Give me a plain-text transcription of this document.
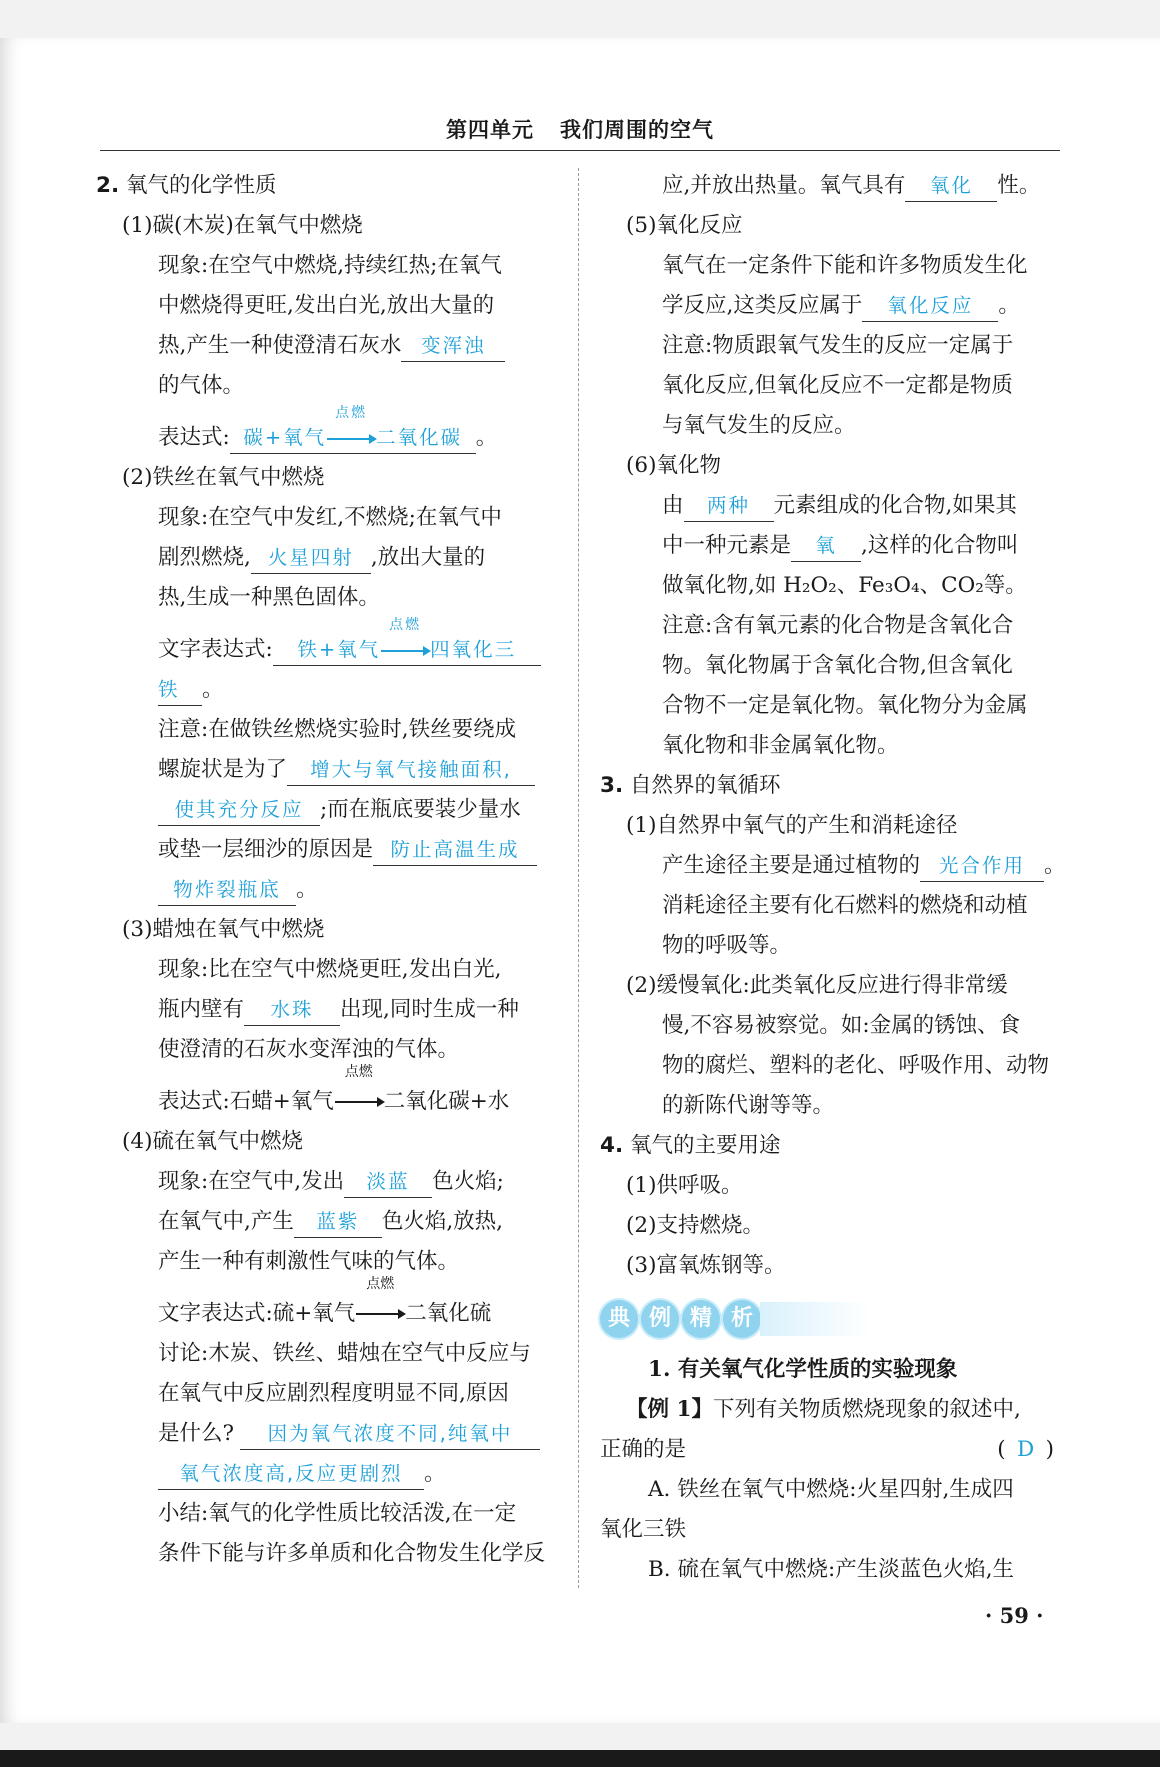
第四单元 我们周围的空气
2. 氧气的化学性质
(1)碳(木炭)在氧气中燃烧
现象:在空气中燃烧,持续红热;在氧气
中燃烧得更旺,发出白光,放出大量的
热,产生一种使澄清石灰水 变浑浊
的气体。
表达式: 碳+氧气
点燃
二氧化碳 。
(2)铁丝在氧气中燃烧
现象:在空气中发红,不燃烧;在氧气中
剧烈燃烧, 火星四射 ,放出大量的
热,生成一种黑色固体。
文字表达式: 铁+氧气
点燃
四氧化三
铁 。
注意:在做铁丝燃烧实验时,铁丝要绕成
螺旋状是为了 增大与氧气接触面积,
使其充分反应 ;而在瓶底要装少量水
或垫一层细沙的原因是 防止高温生成
物炸裂瓶底 。
(3)蜡烛在氧气中燃烧
现象:比在空气中燃烧更旺,发出白光,
瓶内壁有 水珠 出现,同时生成一种
使澄清的石灰水变浑浊的气体。
表达式:石蜡+氧气
点燃
二氧化碳+水
(4)硫在氧气中燃烧
现象:在空气中,发出 淡蓝 色火焰;
在氧气中,产生 蓝紫 色火焰,放热,
产生一种有刺激性气味的气体。
文字表达式:硫+氧气
点燃
二氧化硫
讨论:木炭、铁丝、蜡烛在空气中反应与
在氧气中反应剧烈程度明显不同,原因
是什么? 因为氧气浓度不同,纯氧中
氧气浓度高,反应更剧烈 。
小结:氧气的化学性质比较活泼,在一定
条件下能与许多单质和化合物发生化学反
应,并放出热量。氧气具有 氧化 性。
(5)氧化反应
氧气在一定条件下能和许多物质发生化
学反应,这类反应属于 氧化反应 。
注意:物质跟氧气发生的反应一定属于
氧化反应,但氧化反应不一定都是物质
与氧气发生的反应。
(6)氧化物
由 两种 元素组成的化合物,如果其
中一种元素是 氧 ,这样的化合物叫
做氧化物,如 H₂O₂、Fe₃O₄、CO₂等。
注意:含有氧元素的化合物是含氧化合
物。氧化物属于含氧化合物,但含氧化
合物不一定是氧化物。氧化物分为金属
氧化物和非金属氧化物。
3. 自然界的氧循环
(1)自然界中氧气的产生和消耗途径
产生途径主要是通过植物的 光合作用 。
消耗途径主要有化石燃料的燃烧和动植
物的呼吸等。
(2)缓慢氧化:此类氧化反应进行得非常缓
慢,不容易被察觉。如:金属的锈蚀、食
物的腐烂、塑料的老化、呼吸作用、动物
的新陈代谢等等。
4. 氧气的主要用途
(1)供呼吸。
(2)支持燃烧。
(3)富氧炼钢等。
典 例 精 析
1. 有关氧气化学性质的实验现象
【例 1】下列有关物质燃烧现象的叙述中,
正确的是	( D )
A. 铁丝在氧气中燃烧:火星四射,生成四
氧化三铁
B. 硫在氧气中燃烧:产生淡蓝色火焰,生
· 59 ·
